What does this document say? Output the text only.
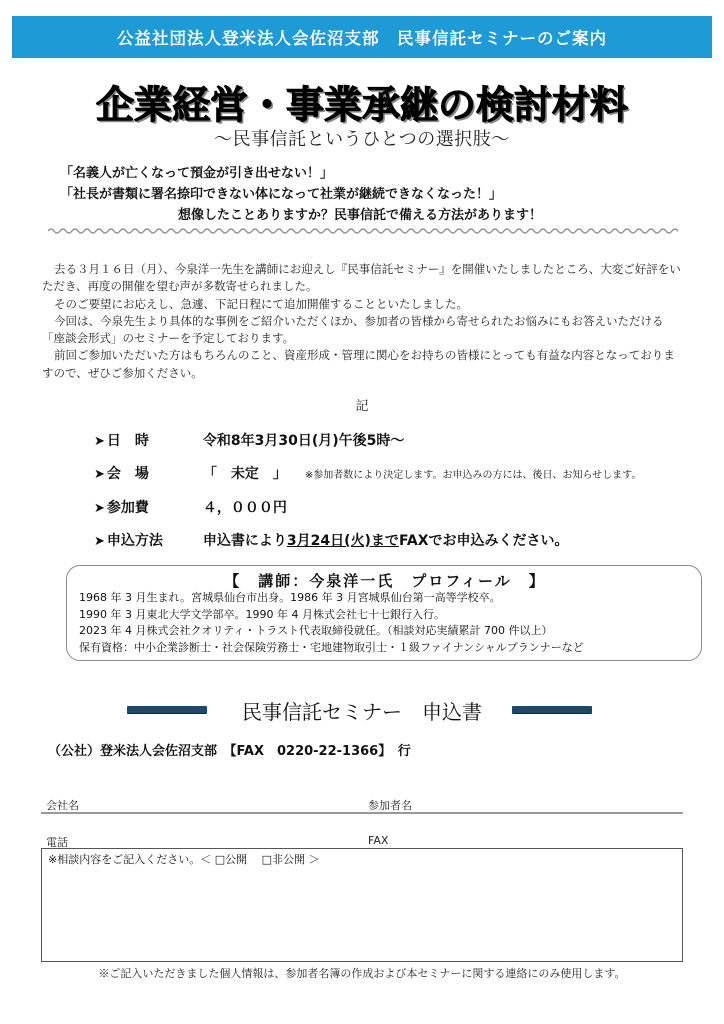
公益社団法人登米法人会佐沼支部　民事信託セミナーのご案内
企業経営・事業承継の検討材料
〜民事信託というひとつの選択肢〜
「名義人が亡くなって預金が引き出せない！」
「社長が書類に署名捺印できない体になって社業が継続できなくなった！」
想像したことありますか？民事信託で備える方法があります！

去る３月１６日（月）、今泉洋一先生を講師にお迎えし『民事信託セミナー』を開催いたしましたところ、大変ご好評をいただき、再度の開催を望む声が多数寄せられました。

そのご要望にお応えし、急遽、下記日程にて追加開催することといたしました。

今回は、今泉先生より具体的な事例をご紹介いただくほか、参加者の皆様から寄せられたお悩みにもお答えいただける「座談会形式」のセミナーを予定しております。

前回ご参加いただいた方はもちろんのこと、資産形成・管理に関心をお持ちの皆様にとっても有益な内容となっておりますので、ぜひご参加ください。

記
➤ 日　時	令和8年3月30日(月)午後5時〜
➤ 会　場	「　未定　」 ※参加者数により決定します。お申込みの方には、後日、お知らせします。
➤ 参加費	４，０００円
➤ 申込方法	申込書により 3月24日(火)まで FAXでお申込みください。
【　講師：今泉洋一氏　プロフィール　】
1968 年 3 月生まれ。宮城県仙台市出身。1986 年 3 月宮城県仙台第一高等学校卒。
1990 年 3 月東北大学文学部卒。1990 年 4 月株式会社七十七銀行入行。
2023 年 4 月株式会社クオリティ・トラスト代表取締役就任。（相談対応実績累計 700 件以上）
保有資格：中小企業診断士・社会保険労務士・宅地建物取引士・１級ファイナンシャルプランナーなど
民事信託セミナー　申込書
（公社）登米法人会佐沼支部　【FAX　0220-22-1366】　行
会社名	参加者名
電話	FAX
※相談内容をご記入ください。＜ □公開　 □非公開 ＞
※ご記入いただきました個人情報は、参加者名簿の作成および本セミナーに関する連絡にのみ使用します。
